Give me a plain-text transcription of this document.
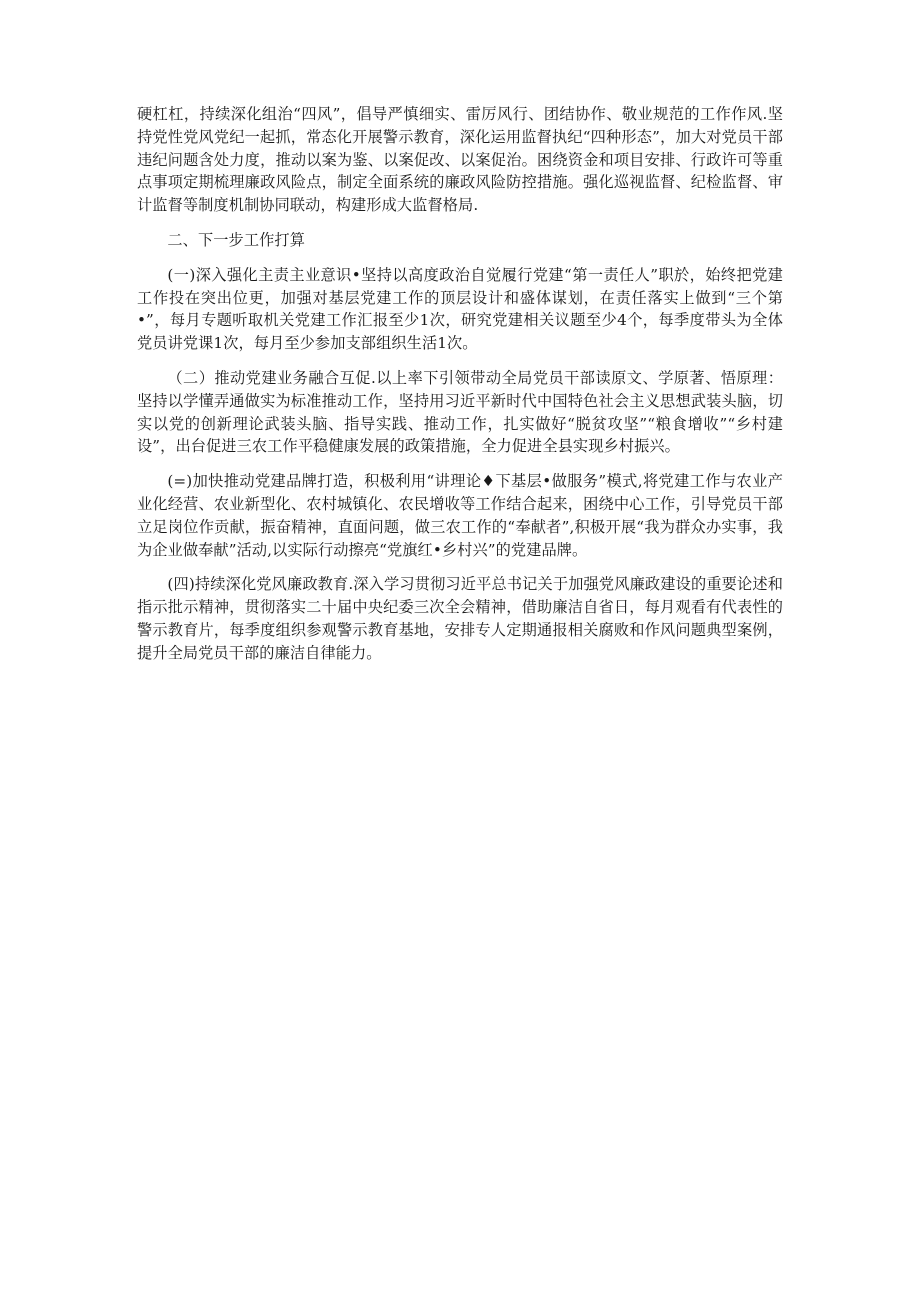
硬杠杠，持续深化组治“四风”，倡导严慎细实、雷厉风行、团结协作、敬业规范的工作作风.坚持党性党风党纪一起抓，常态化开展警示教育，深化运用监督执纪“四种形态”，加大对党员干部违纪问题含处力度，推动以案为鉴、以案促改、以案促治。困绕资金和项目安排、行政许可等重点事项定期梳理廉政风险点，制定全面系统的廉政风险防控措施。强化巡视监督、纪检监督、审计监督等制度机制协同联动，构建形成大监督格局.

二、下一步工作打算

(一)深入强化主责主业意识•坚持以高度政治自觉履行党建“第一责任人”职於，始终把党建工作投在突出位更，加强对基层党建工作的顶层设计和盛体谋划，在责任落实上做到“三个第•”，每月专题听取机关党建工作汇报至少1次，研究党建相关议题至少4个，每季度带头为全体党员讲党课1次，每月至少参加支部组织生活1次。

（二）推动党建业务融合互促.以上率下引领带动全局党员干部读原文、学原著、悟原理：坚持以学懂弄通做实为标准推动工作，坚持用习近平新时代中国特色社会主义思想武装头脑，切实以党的创新理论武装头脑、指导实践、推动工作，扎实做好“脱贫攻坚”“粮食增收”“乡村建设”，出台促进三农工作平稳健康发展的政策措施，全力促进全县实现乡村振兴。

(=)加快推动党建品牌打造，积极利用“讲理论♦下基层•做服务”模式,将党建工作与农业产业化经营、农业新型化、农村城镇化、农民增收等工作结合起来，困绕中心工作，引导党员干部立足岗位作贡献，振奋精神，直面问题，做三农工作的“奉献者”,积极开展“我为群众办实事，我为企业做奉献”活动,以实际行动擦亮“党旗红•乡村兴”的党建品牌。

(四)持续深化党风廉政教育.深入学习贯彻习近平总书记关于加强党风廉政建设的重要论述和指示批示精神，贯彻落实二十届中央纪委三次全会精神，借助廉洁自省日，每月观看有代表性的警示教育片，每季度组织参观警示教育基地，安排专人定期通报相关腐败和作风问题典型案例，提升全局党员干部的廉洁自律能力。
